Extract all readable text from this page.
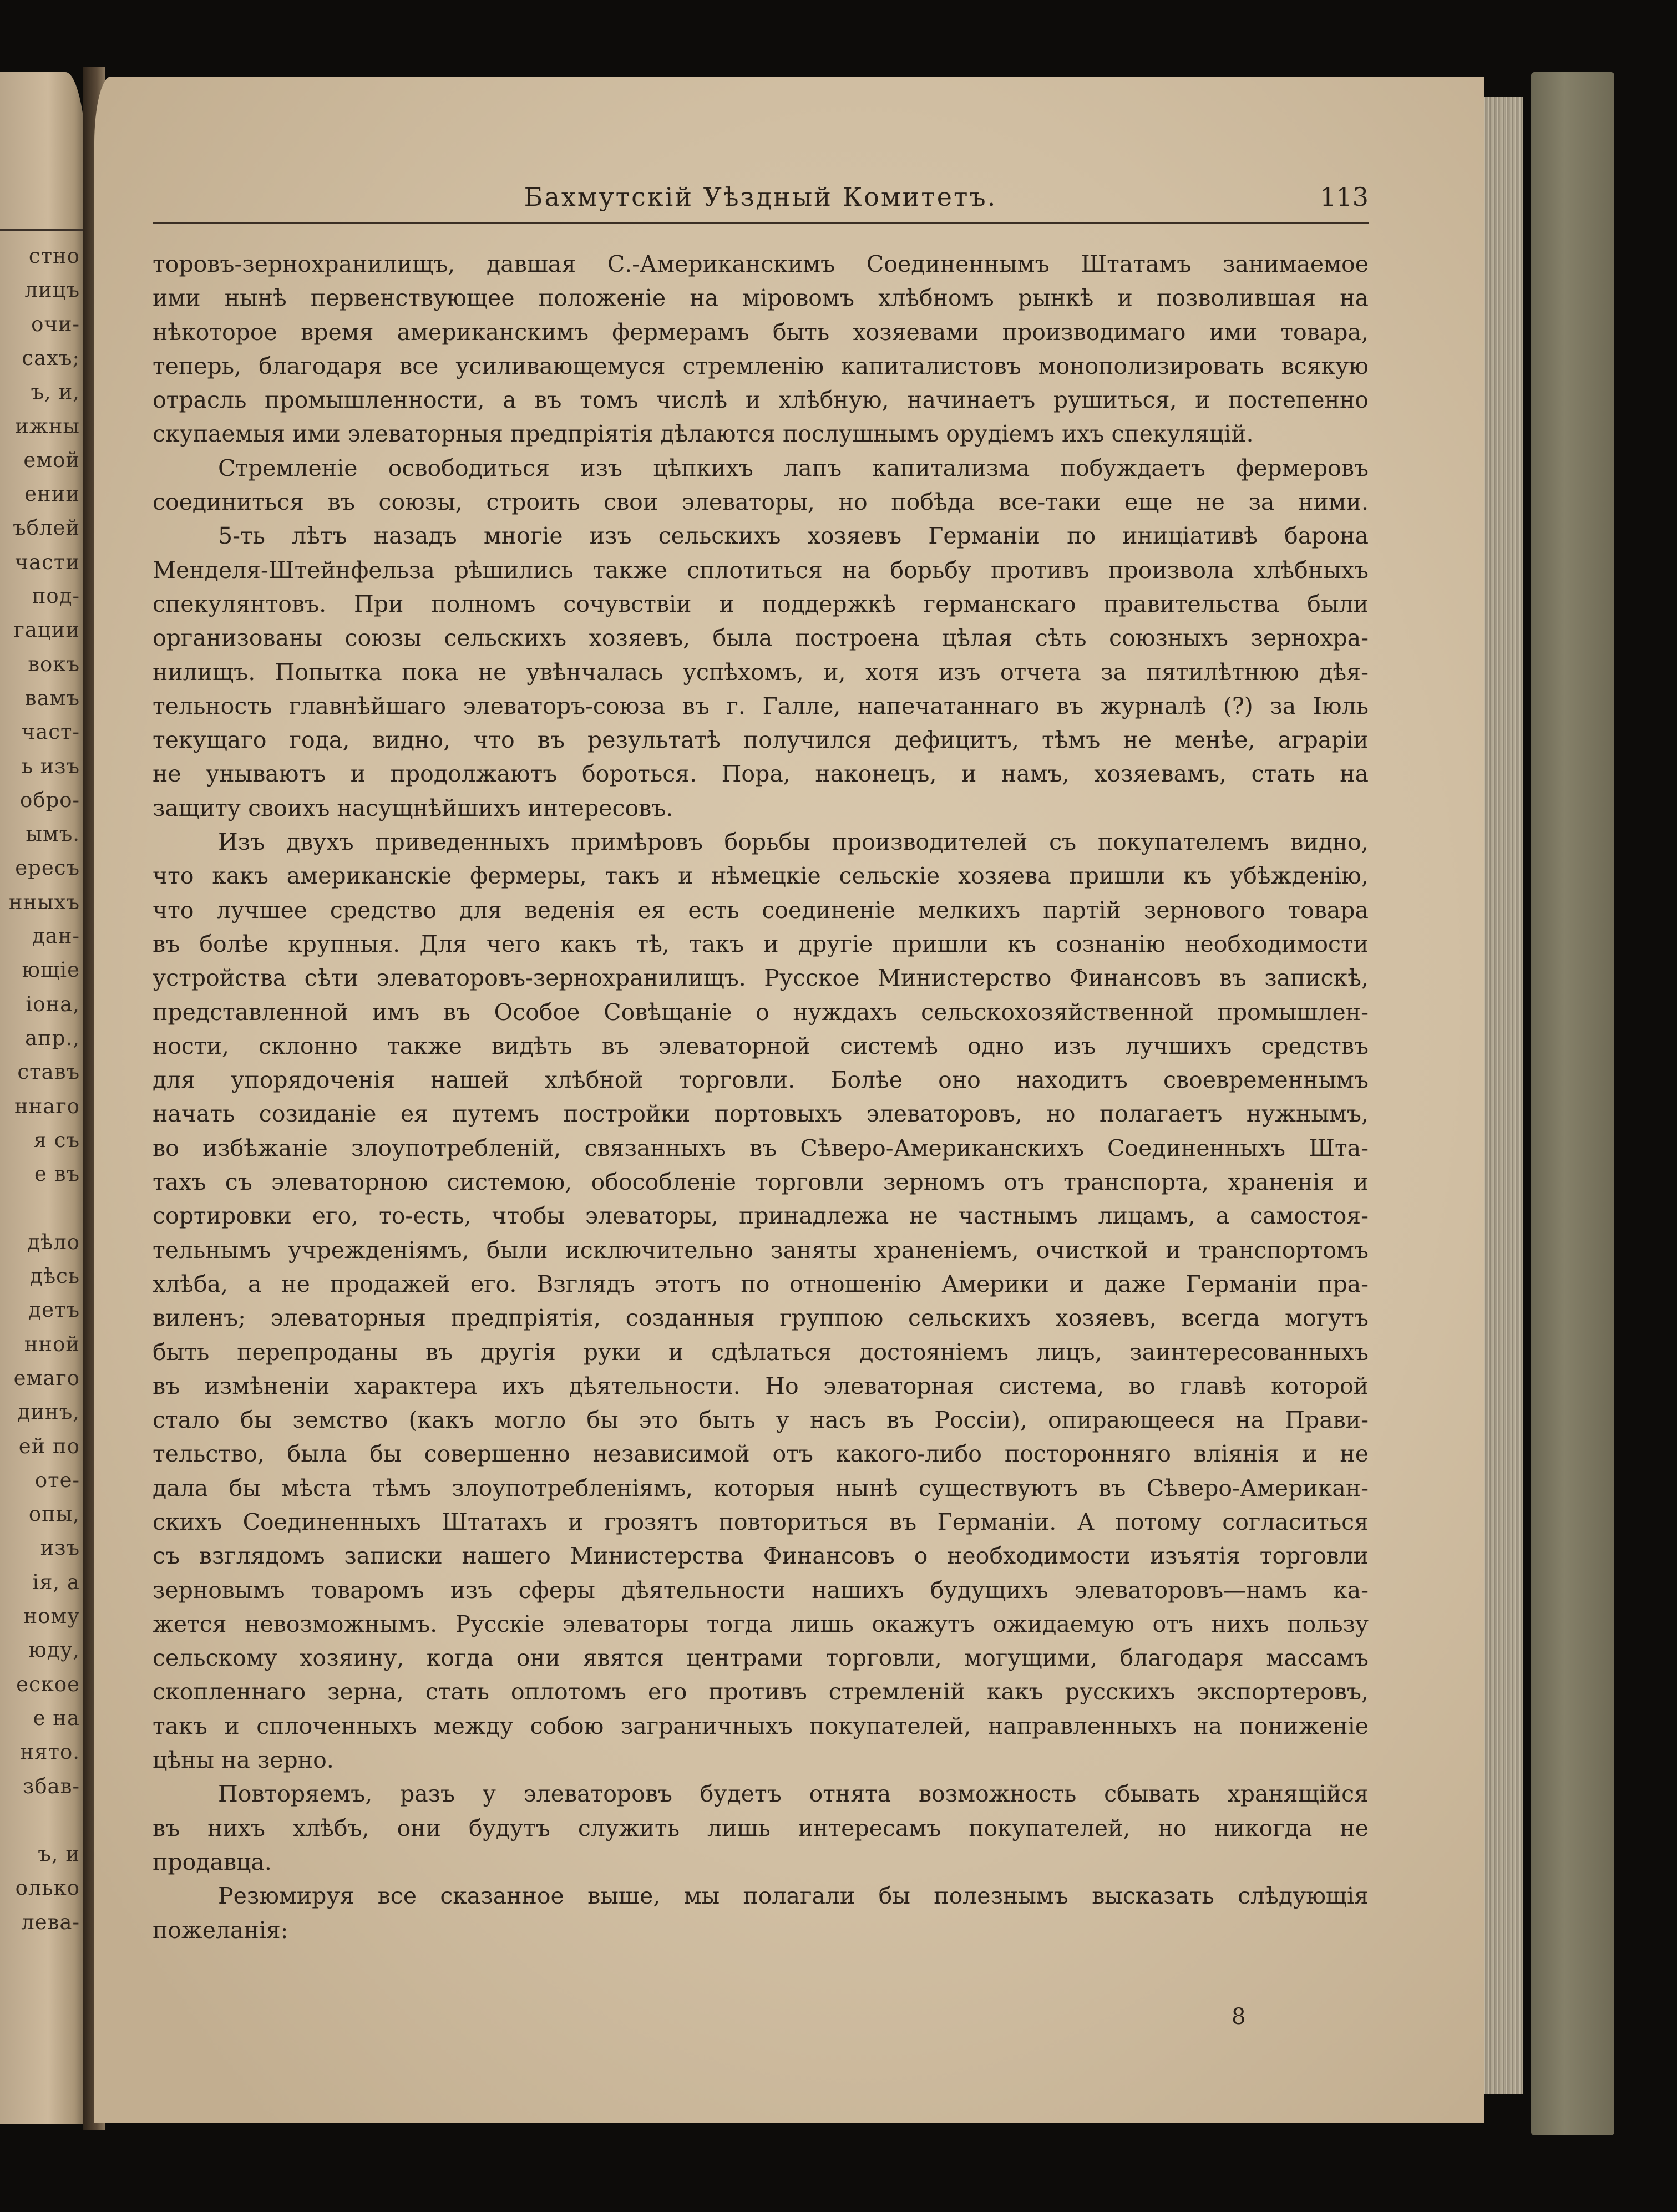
стно
лицъ
очи-
сахъ;
ъ, и,
ижны
емой
ении
ъблей
части
под-
гации
вокъ
вамъ
част-
ь изъ
обро-
ымъ.
ересъ
нныхъ
дан-
ющіе
іона,
апр.,
ставъ
ннаго
я съ
е въ
дѣло
дѣсь
детъ
нной
емаго
динъ,
ей по
оте-
опы,
изъ
ія, а
ному
юду,
еское
е на
нято.
збав-
ъ, и
олько
лева-
Бахмутскій Уѣздный Комитетъ.	113
торовъ-зернохранилищъ, давшая С.-Американскимъ Соединеннымъ Штатамъ занимаемое
ими нынѣ первенствующее положеніе на міровомъ хлѣбномъ рынкѣ и позволившая на
нѣкоторое время американскимъ фермерамъ быть хозяевами производимаго ими товара,
теперь, благодаря все усиливающемуся стремленію капиталистовъ монополизировать всякую
отрасль промышленности, а въ томъ числѣ и хлѣбную, начинаетъ рушиться, и постепенно
скупаемыя ими элеваторныя предпріятія дѣлаются послушнымъ орудіемъ ихъ спекуляцій.
Стремленіе освободиться изъ цѣпкихъ лапъ капитализма побуждаетъ фермеровъ
соединиться въ союзы, строить свои элеваторы, но побѣда все-таки еще не за ними.
5-ть лѣтъ назадъ многіе изъ сельскихъ хозяевъ Германіи по иниціативѣ барона
Менделя-Штейнфельза рѣшились также сплотиться на борьбу противъ произвола хлѣбныхъ
спекулянтовъ. При полномъ сочувствіи и поддержкѣ германскаго правительства были
организованы союзы сельскихъ хозяевъ, была построена цѣлая сѣть союзныхъ зернохра-
нилищъ. Попытка пока не увѣнчалась успѣхомъ, и, хотя изъ отчета за пятилѣтнюю дѣя-
тельность главнѣйшаго элеваторъ-союза въ г. Галле, напечатаннаго въ журналѣ (?) за Іюль
текущаго года, видно, что въ результатѣ получился дефицитъ, тѣмъ не менѣе, аграріи
не унываютъ и продолжаютъ бороться. Пора, наконецъ, и намъ, хозяевамъ, стать на
защиту своихъ насущнѣйшихъ интересовъ.
Изъ двухъ приведенныхъ примѣровъ борьбы производителей съ покупателемъ видно,
что какъ американскіе фермеры, такъ и нѣмецкіе сельскіе хозяева пришли къ убѣжденію,
что лучшее средство для веденія ея есть соединеніе мелкихъ партій зернового товара
въ болѣе крупныя. Для чего какъ тѣ, такъ и другіе пришли къ сознанію необходимости
устройства сѣти элеваторовъ-зернохранилищъ. Русское Министерство Финансовъ въ запискѣ,
представленной имъ въ Особое Совѣщаніе о нуждахъ сельскохозяйственной промышлен-
ности, склонно также видѣть въ элеваторной системѣ одно изъ лучшихъ средствъ
для упорядоченія нашей хлѣбной торговли. Болѣе оно находитъ своевременнымъ
начать созиданіе ея путемъ постройки портовыхъ элеваторовъ, но полагаетъ нужнымъ,
во избѣжаніе злоупотребленій, связанныхъ въ Сѣверо-Американскихъ Соединенныхъ Шта-
тахъ съ элеваторною системою, обособленіе торговли зерномъ отъ транспорта, храненія и
сортировки его, то-есть, чтобы элеваторы, принадлежа не частнымъ лицамъ, а самостоя-
тельнымъ учрежденіямъ, были исключительно заняты храненіемъ, очисткой и транспортомъ
хлѣба, а не продажей его. Взглядъ этотъ по отношенію Америки и даже Германіи пра-
виленъ; элеваторныя предпріятія, созданныя группою сельскихъ хозяевъ, всегда могутъ
быть перепроданы въ другія руки и сдѣлаться достояніемъ лицъ, заинтересованныхъ
въ измѣненіи характера ихъ дѣятельности. Но элеваторная система, во главѣ которой
стало бы земство (какъ могло бы это быть у насъ въ Россіи), опирающееся на Прави-
тельство, была бы совершенно независимой отъ какого-либо посторонняго вліянія и не
дала бы мѣста тѣмъ злоупотребленіямъ, которыя нынѣ существуютъ въ Сѣверо-Американ-
скихъ Соединенныхъ Штатахъ и грозятъ повториться въ Германіи. А потому согласиться
съ взглядомъ записки нашего Министерства Финансовъ о необходимости изъятія торговли
зерновымъ товаромъ изъ сферы дѣятельности нашихъ будущихъ элеваторовъ—намъ ка-
жется невозможнымъ. Русскіе элеваторы тогда лишь окажутъ ожидаемую отъ нихъ пользу
сельскому хозяину, когда они явятся центрами торговли, могущими, благодаря массамъ
скопленнаго зерна, стать оплотомъ его противъ стремленій какъ русскихъ экспортеровъ,
такъ и сплоченныхъ между собою заграничныхъ покупателей, направленныхъ на пониженіе
цѣны на зерно.
Повторяемъ, разъ у элеваторовъ будетъ отнята возможность сбывать хранящійся
въ нихъ хлѣбъ, они будутъ служить лишь интересамъ покупателей, но никогда не
продавца.
Резюмируя все сказанное выше, мы полагали бы полезнымъ высказать слѣдующія
пожеланія:
8
